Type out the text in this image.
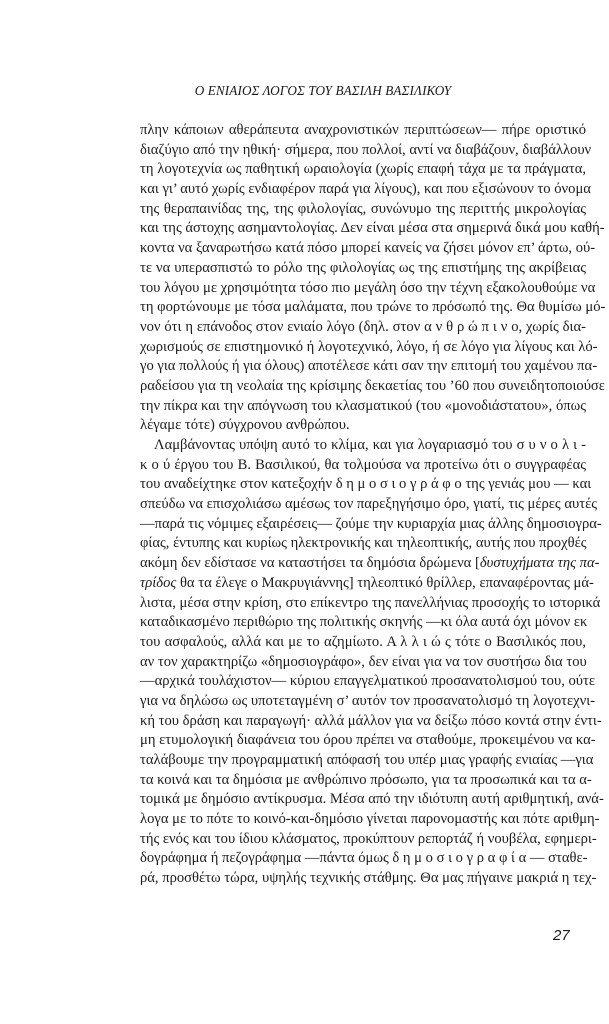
Ο ΕΝΙΑΙΟΣ ΛΟΓΟΣ ΤΟΥ ΒΑΣΙΛΗ ΒΑΣΙΛΙΚΟΥ
πλην κάποιων αθεράπευτα αναχρονιστικών περιπτώσεων— πήρε οριστικό
διαζύγιο από την ηθική· σήμερα, που πολλοί, αντί να διαβάζουν, διαβάλλουν
τη λογοτεχνία ως παθητική ωραιολογία (χωρίς επαφή τάχα με τα πράγματα,
και γι’ αυτό χωρίς ενδιαφέρον παρά για λίγους), και που εξισώνουν το όνομα
της θεραπαινίδας της, της φιλολογίας, συνώνυμο της περιττής μικρολογίας
και της άστοχης ασημαντολογίας. Δεν είναι μέσα στα σημερινά δικά μου καθή-
κοντα να ξαναρωτήσω κατά πόσο μπορεί κανείς να ζήσει μόνον επ’ άρτω, ού-
τε να υπερασπιστώ το ρόλο της φιλολογίας ως της επιστήμης της ακρίβειας
του λόγου με χρησιμότητα τόσο πιο μεγάλη όσο την τέχνη εξακολουθούμε να
τη φορτώνουμε με τόσα μαλάματα, που τρώνε το πρόσωπό της. Θα θυμίσω μό-
νον ότι η επάνοδος στον ενιαίο λόγο (δηλ. στον α ν θ ρ ώ π ι ν ο, χωρίς δια-
χωρισμούς σε επιστημονικό ή λογοτεχνικό, λόγο, ή σε λόγο για λίγους και λό-
γο για πολλούς ή για όλους) αποτέλεσε κάτι σαν την επιτομή του χαμένου πα-
ραδείσου για τη νεολαία της κρίσιμης δεκαετίας του ’60 που συνειδητοποιούσε
την πίκρα και την απόγνωση του κλασματικού (του «μονοδιάστατου», όπως
λέγαμε τότε) σύγχρονου ανθρώπου.
Λαμβάνοντας υπόψη αυτό το κλίμα, και για λογαριασμό του σ υ ν ο λ ι -
κ ο ύ έργου του Β. Βασιλικού, θα τολμούσα να προτείνω ότι ο συγγραφέας
του αναδείχτηκε στον κατεξοχήν δ η μ ο σ ι ο γ ρ ά φ ο της γενιάς μου — και
σπεύδω να επισχολιάσω αμέσως τον παρεξηγήσιμο όρο, γιατί, τις μέρες αυτές
—παρά τις νόμιμες εξαιρέσεις— ζούμε την κυριαρχία μιας άλλης δημοσιογρα-
φίας, έντυπης και κυρίως ηλεκτρονικής και τηλεοπτικής, αυτής που προχθές
ακόμη δεν εδίστασε να καταστήσει τα δημόσια δρώμενα [δυστυχήματα της πα-
τρίδος θα τα έλεγε ο Μακρυγιάννης] τηλεοπτικό θρίλλερ, επαναφέροντας μά-
λιστα, μέσα στην κρίση, στο επίκεντρο της πανελλήνιας προσοχής το ιστορικά
καταδικασμένο περιθώριο της πολιτικής σκηνής —κι όλα αυτά όχι μόνον εκ
του ασφαλούς, αλλά και με το αζημίωτο. Α λ λ ι ώ ς τότε ο Βασιλικός που,
αν τον χαρακτηρίζω «δημοσιογράφο», δεν είναι για να τον συστήσω δια του
—αρχικά τουλάχιστον— κύριου επαγγελματικού προσανατολισμού του, ούτε
για να δηλώσω ως υποτεταγμένη σ’ αυτόν τον προσανατολισμό τη λογοτεχνι-
κή του δράση και παραγωγή· αλλά μάλλον για να δείξω πόσο κοντά στην έντι-
μη ετυμολογική διαφάνεια του όρου πρέπει να σταθούμε, προκειμένου να κα-
ταλάβουμε την προγραμματική απόφασή του υπέρ μιας γραφής ενιαίας —για
τα κοινά και τα δημόσια με ανθρώπινο πρόσωπο, για τα προσωπικά και τα α-
τομικά με δημόσιο αντίκρυσμα. Μέσα από την ιδιότυπη αυτή αριθμητική, ανά-
λογα με το πότε το κοινό-και-δημόσιο γίνεται παρονομαστής και πότε αριθμη-
τής ενός και του ίδιου κλάσματος, προκύπτουν ρεπορτάζ ή νουβέλα, εφημερι-
δογράφημα ή πεζογράφημα —πάντα όμως δ η μ ο σ ι ο γ ρ α φ ί α — σταθε-
ρά, προσθέτω τώρα, υψηλής τεχνικής στάθμης. Θα μας πήγαινε μακριά η τεχ-
27
